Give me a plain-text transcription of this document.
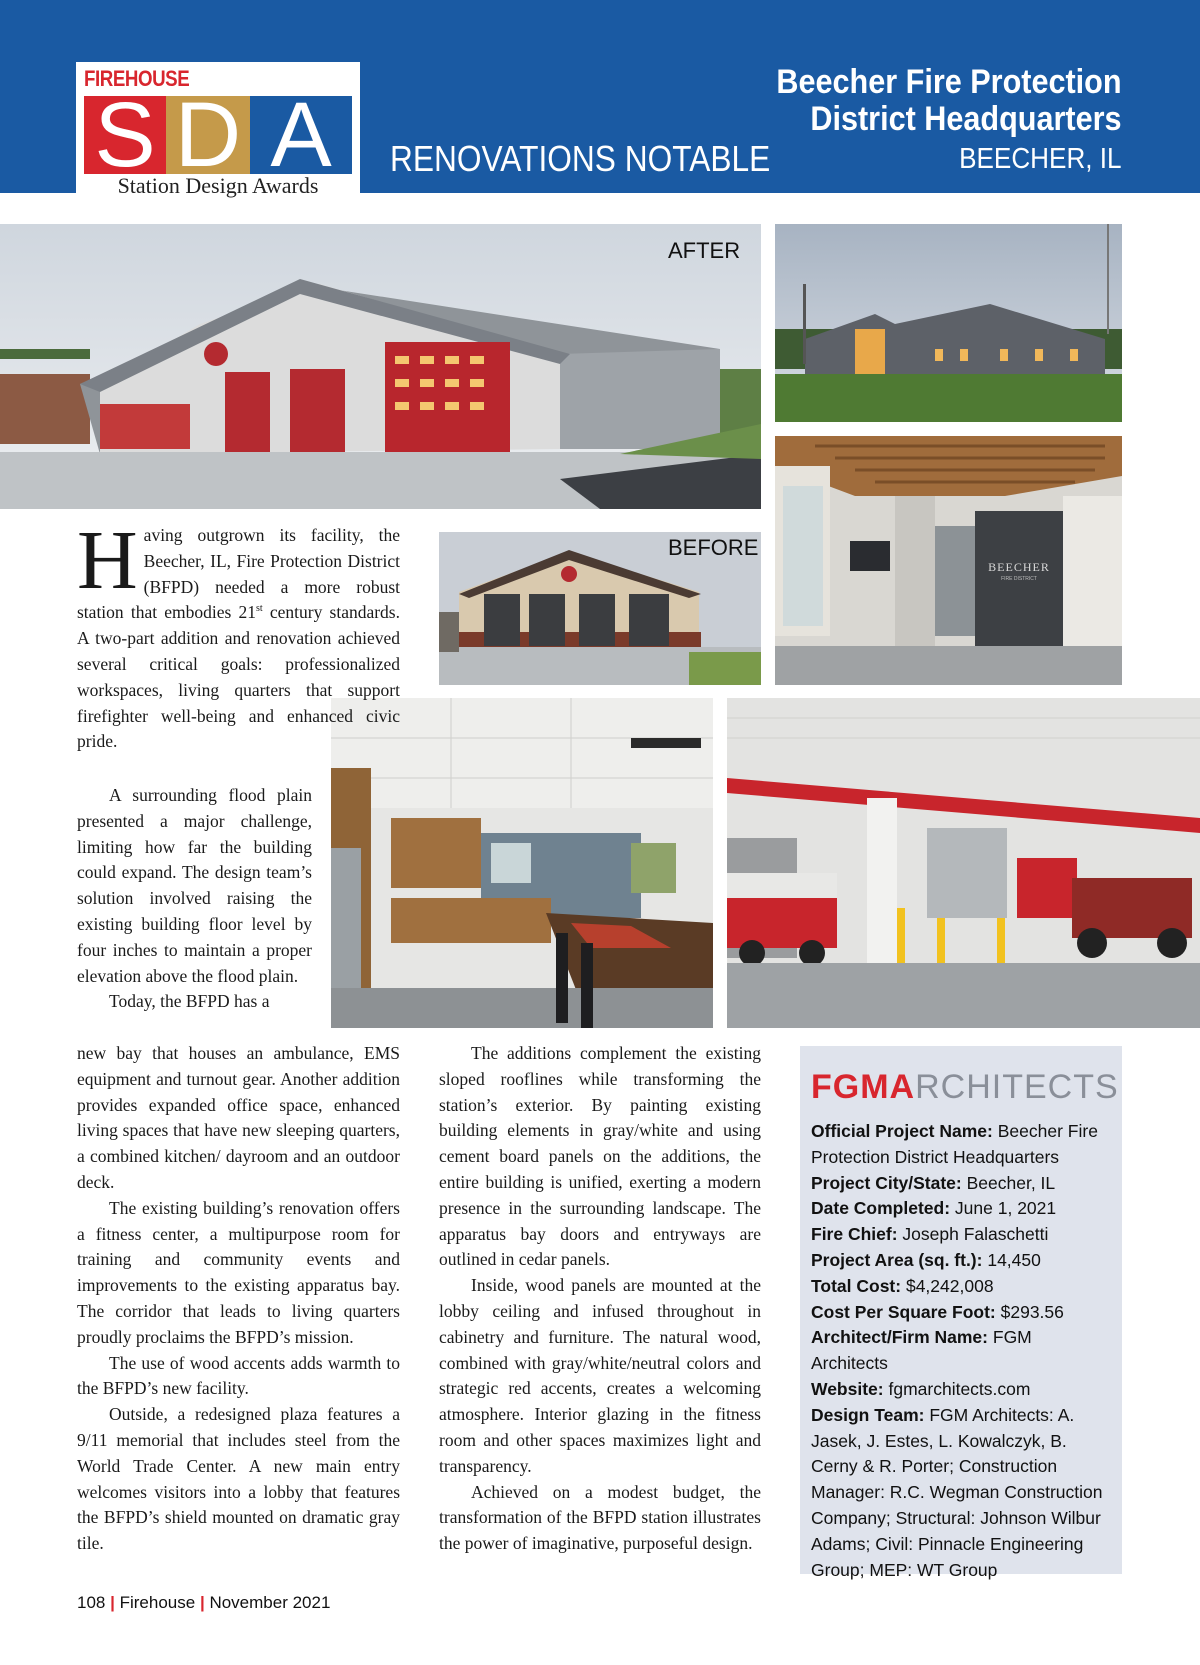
FIREHOUSE
S D A
Station Design Awards
RENOVATIONS NOTABLE
Beecher Fire Protection
District Headquarters
BEECHER, IL
AFTER
BEFORE
BEECHER
FIRE DISTRICT

Having outgrown its facility, the Beecher, IL, Fire Protection District (BFPD) needed a more robust station that embodies 21st century standards. A two-part addition and renovation achieved several critical goals: professionalized workspaces, living quarters that support firefighter well-being and enhanced civic pride.

A surrounding flood plain presented a major challenge, limiting how far the building could expand. The design team’s solution involved raising the existing building floor level by four inches to maintain a proper elevation above the flood plain.

Today, the BFPD has a

new bay that houses an ambulance, EMS equipment and turnout gear. Another addition provides expanded office space, enhanced living spaces that have new sleeping quarters, a combined kitchen/ dayroom and an outdoor deck.

The existing building’s renovation offers a fitness center, a multipurpose room for training and community events and improvements to the existing apparatus bay. The corridor that leads to living quarters proudly proclaims the BFPD’s mission.

The use of wood accents adds warmth to the BFPD’s new facility.

Outside, a redesigned plaza features a 9/11 memorial that includes steel from the World Trade Center. A new main entry welcomes visitors into a lobby that features the BFPD’s shield mounted on dramatic gray tile.

The additions complement the existing sloped rooflines while transforming the station’s exterior. By painting existing building elements in gray/white and using cement board panels on the additions, the entire building is unified, exerting a modern presence in the surrounding landscape. The apparatus bay doors and entryways are outlined in cedar panels.

Inside, wood panels are mounted at the lobby ceiling and infused throughout in cabinetry and furniture. The natural wood, combined with gray/white/neutral colors and strategic red accents, creates a welcoming atmosphere. Interior glazing in the fitness room and other spaces maximizes light and transparency.

Achieved on a modest budget, the transformation of the BFPD station illustrates the power of imaginative, purposeful design.

FGMARCHITECTS
Official Project Name: Beecher Fire Protection District Headquarters
Project City/State: Beecher, IL
Date Completed: June 1, 2021
Fire Chief: Joseph Falaschetti
Project Area (sq. ft.): 14,450
Total Cost: $4,242,008
Cost Per Square Foot: $293.56
Architect/Firm Name: FGM Architects
Website: fgmarchitects.com
Design Team: FGM Architects: A. Jasek, J. Estes, L. Kowalczyk, B. Cerny & R. Porter; Construction Manager: R.C. Wegman Construction Company; Structural: Johnson Wilbur Adams; Civil: Pinnacle Engineering Group; MEP: WT Group
108 | Firehouse | November 2021
